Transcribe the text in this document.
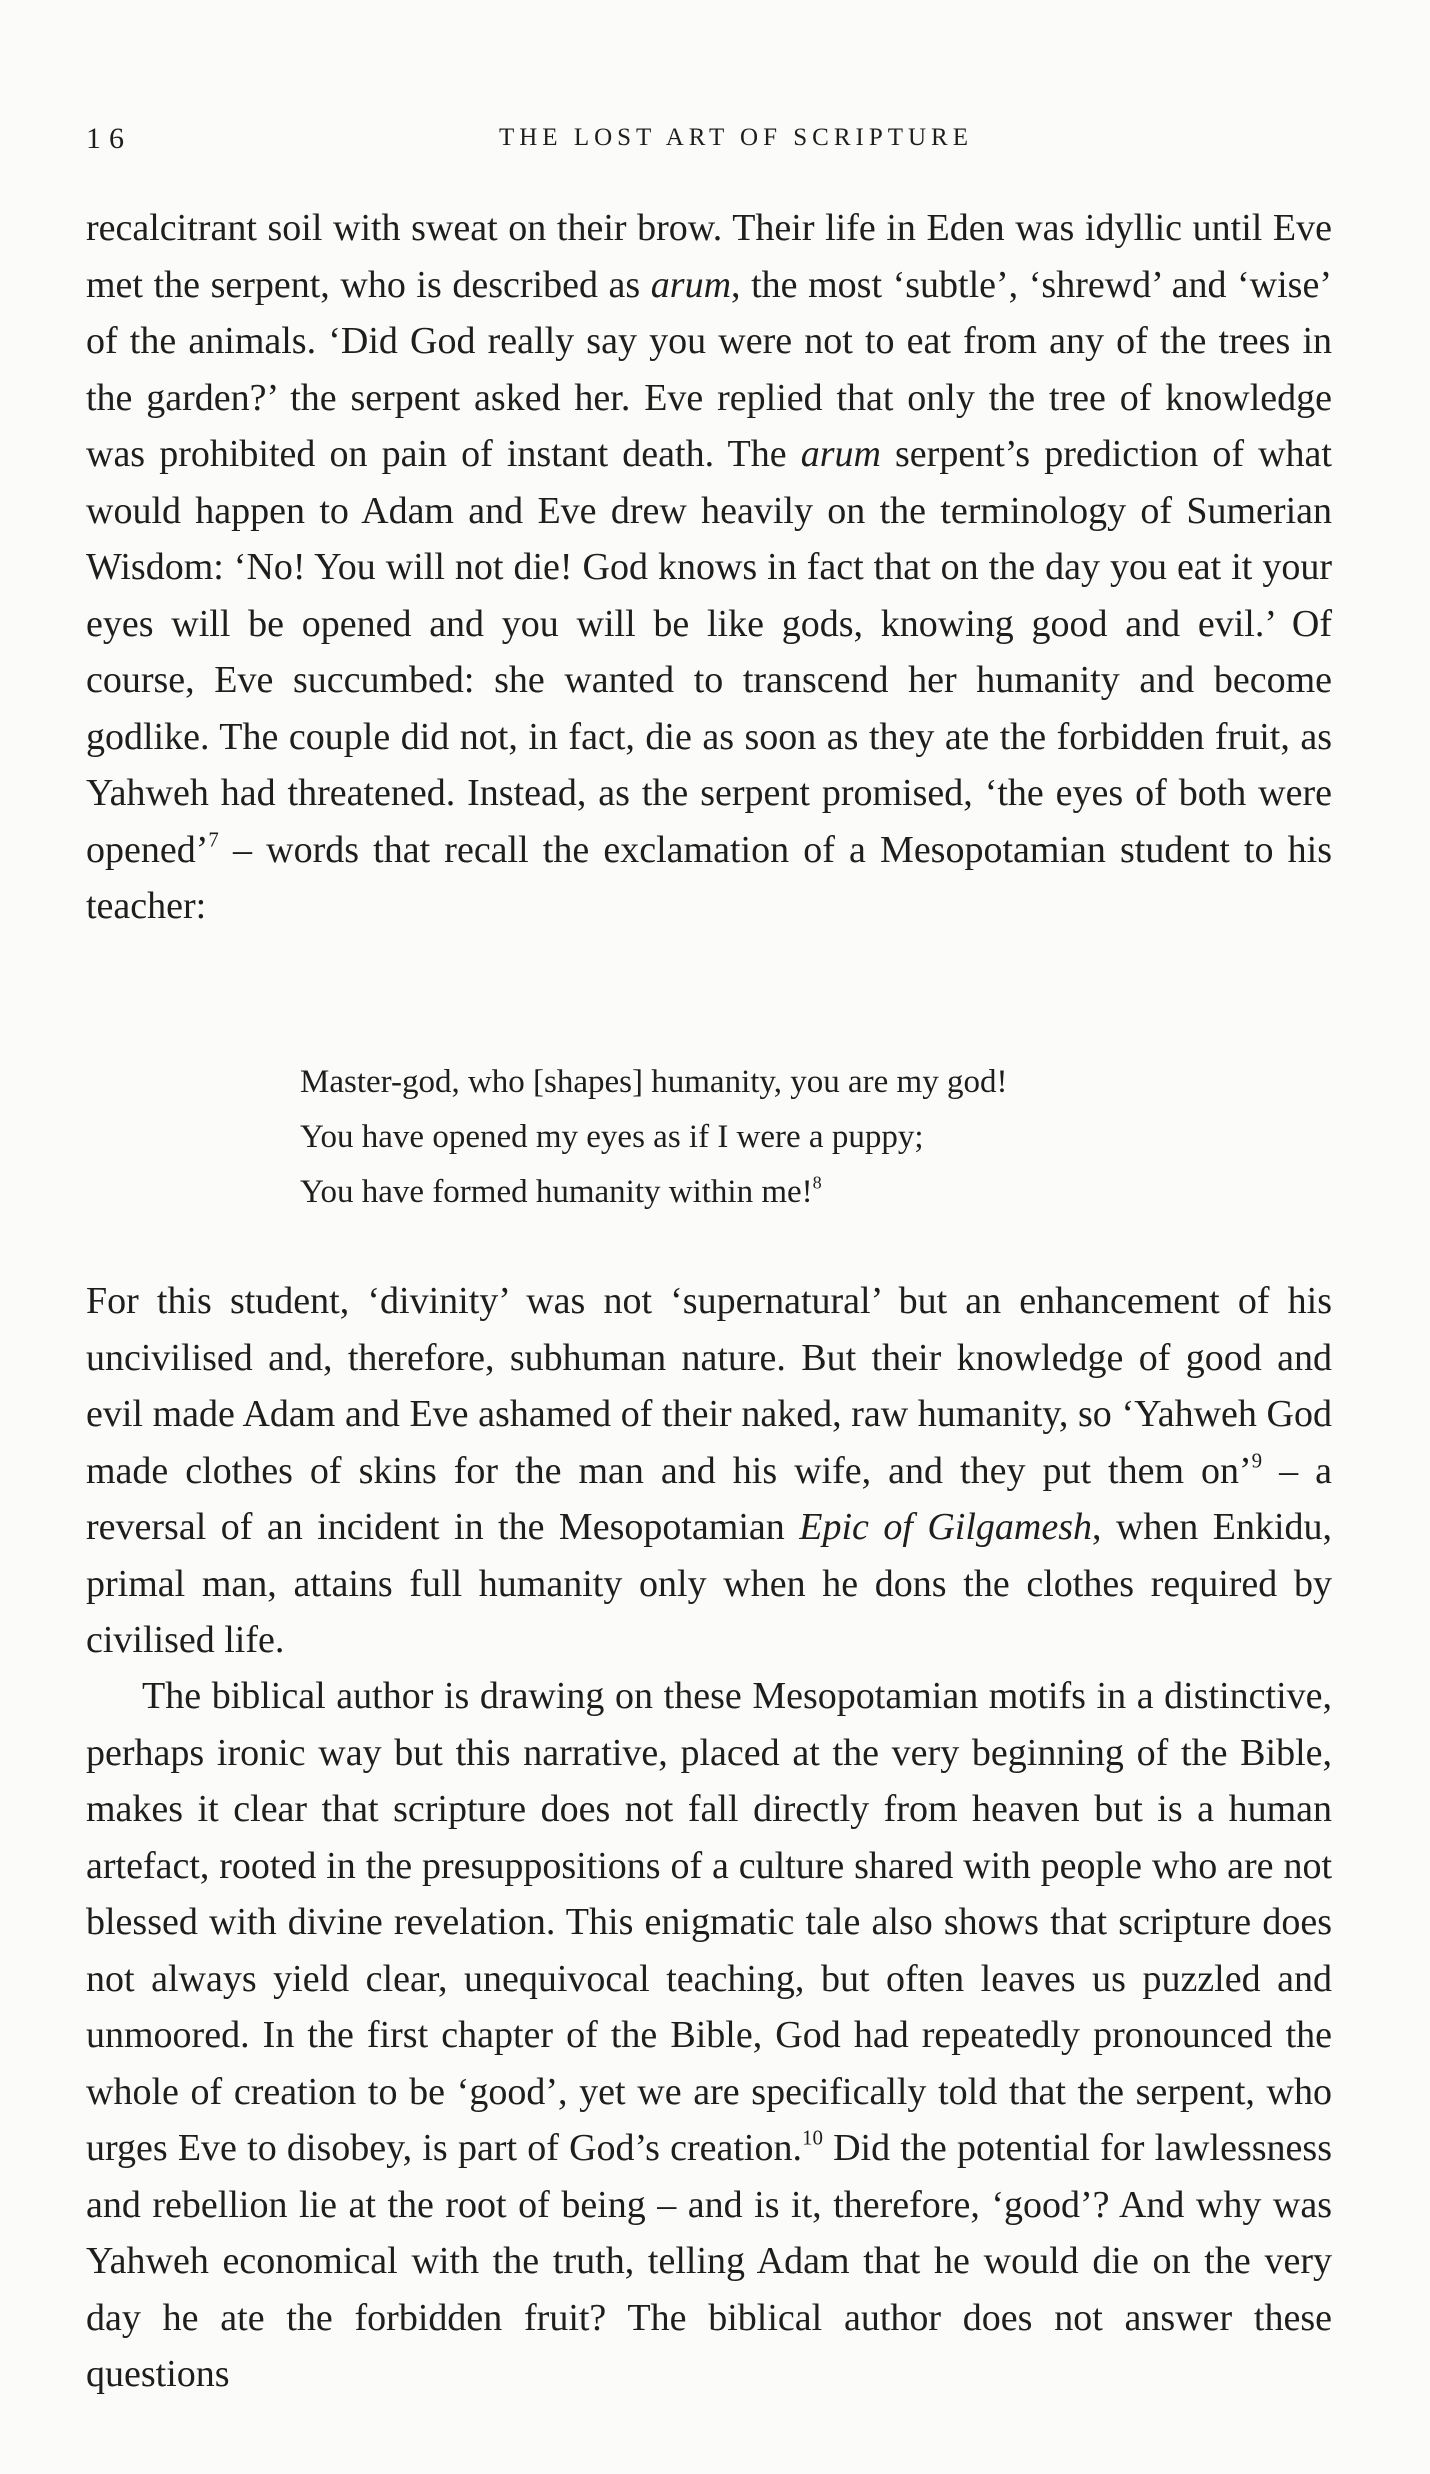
16	THE LOST ART OF SCRIPTURE

recalcitrant soil with sweat on their brow. Their life in Eden was idyllic until Eve met the serpent, who is described as arum, the most ‘subtle’, ‘shrewd’ and ‘wise’ of the animals. ‘Did God really say you were not to eat from any of the trees in the garden?’ the serpent asked her. Eve replied that only the tree of knowledge was prohibited on pain of instant death. The arum serpent’s prediction of what would happen to Adam and Eve drew heavily on the terminology of Sumerian Wisdom: ‘No! You will not die! God knows in fact that on the day you eat it your eyes will be opened and you will be like gods, knowing good and evil.’ Of course, Eve succumbed: she wanted to transcend her humanity and become godlike. The couple did not, in fact, die as soon as they ate the forbidden fruit, as Yahweh had threatened. Instead, as the serpent promised, ‘the eyes of both were opened’$^7$ – words that recall the exclamation of a Mesopotamian student to his teacher:

Master-god, who [shapes] humanity, you are my god!
You have opened my eyes as if I were a puppy;
You have formed humanity within me!$^8$

For this student, ‘divinity’ was not ‘supernatural’ but an enhancement of his uncivilised and, therefore, subhuman nature. But their knowledge of good and evil made Adam and Eve ashamed of their naked, raw humanity, so ‘Yahweh God made clothes of skins for the man and his wife, and they put them on’$^9$ – a reversal of an incident in the Mesopotamian Epic of Gilgamesh, when Enkidu, primal man, attains full humanity only when he dons the clothes required by civilised life.

The biblical author is drawing on these Mesopotamian motifs in a distinctive, perhaps ironic way but this narrative, placed at the very beginning of the Bible, makes it clear that scripture does not fall directly from heaven but is a human artefact, rooted in the presuppositions of a culture shared with people who are not blessed with divine revelation. This enigmatic tale also shows that scripture does not always yield clear, unequivocal teaching, but often leaves us puzzled and unmoored. In the first chapter of the Bible, God had repeatedly pronounced the whole of creation to be ‘good’, yet we are specifically told that the serpent, who urges Eve to disobey, is part of God’s creation.$^{10}$ Did the potential for lawlessness and rebellion lie at the root of being – and is it, therefore, ‘good’? And why was Yahweh economical with the truth, telling Adam that he would die on the very day he ate the forbidden fruit? The biblical author does not answer these questions
